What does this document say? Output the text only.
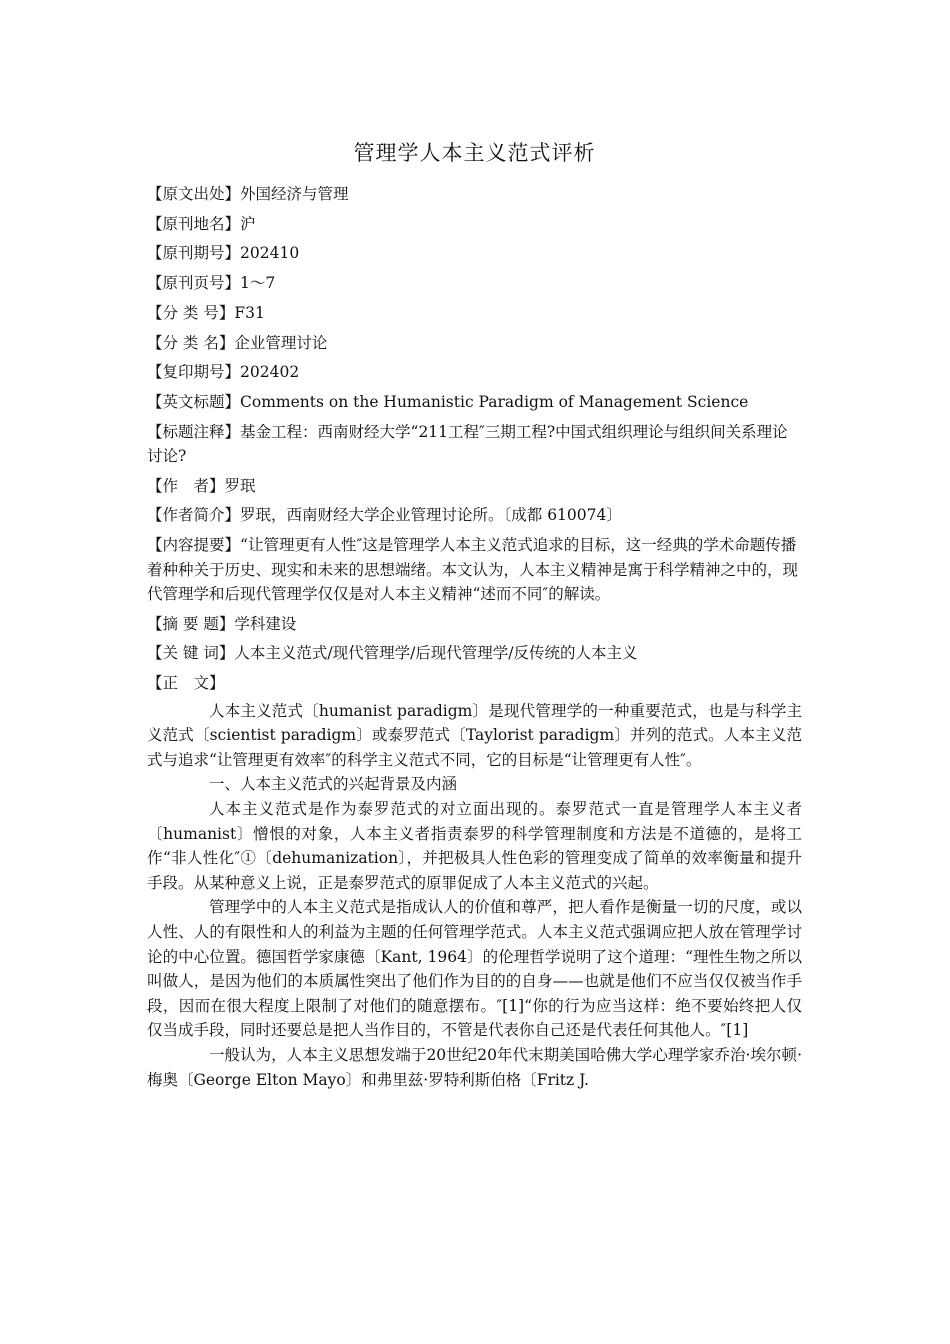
管理学人本主义范式评析
【原文出处】外国经济与管理
【原刊地名】沪
【原刊期号】202410
【原刊页号】1～7
【分 类 号】F31
【分 类 名】企业管理讨论
【复印期号】202402
【英文标题】Comments on the Humanistic Paradigm of Management Science
【标题注释】基金工程：西南财经大学“211工程″三期工程?中国式组织理论与组织间关系理论讨论?
【作　者】罗珉
【作者简介】罗珉，西南财经大学企业管理讨论所。〔成都 610074〕
【内容提要】“让管理更有人性″这是管理学人本主义范式追求的目标，这一经典的学术命题传播着种种关于历史、现实和未来的思想端绪。本文认为，人本主义精神是寓于科学精神之中的，现代管理学和后现代管理学仅仅是对人本主义精神“述而不同″的解读。
【摘 要 题】学科建设
【关 键 词】人本主义范式/现代管理学/后现代管理学/反传统的人本主义
【正　文】

人本主义范式〔humanist paradigm〕是现代管理学的一种重要范式，也是与科学主义范式〔scientist paradigm〕或泰罗范式〔Taylorist paradigm〕并列的范式。人本主义范式与追求“让管理更有效率″的科学主义范式不同，它的目标是“让管理更有人性″。

一、人本主义范式的兴起背景及内涵

人本主义范式是作为泰罗范式的对立面出现的。泰罗范式一直是管理学人本主义者〔humanist〕憎恨的对象，人本主义者指责泰罗的科学管理制度和方法是不道德的，是将工作“非人性化″①〔dehumanization〕，并把极具人性色彩的管理变成了简单的效率衡量和提升手段。从某种意义上说，正是泰罗范式的原罪促成了人本主义范式的兴起。

管理学中的人本主义范式是指成认人的价值和尊严，把人看作是衡量一切的尺度，或以人性、人的有限性和人的利益为主题的任何管理学范式。人本主义范式强调应把人放在管理学讨论的中心位置。德国哲学家康德〔Kant, 1964〕的伦理哲学说明了这个道理：“理性生物之所以叫做人，是因为他们的本质属性突出了他们作为目的的自身——也就是他们不应当仅仅被当作手段，因而在很大程度上限制了对他们的随意摆布。″[1]“你的行为应当这样：绝不要始终把人仅仅当成手段，同时还要总是把人当作目的，不管是代表你自己还是代表任何其他人。″[1]

一般认为，人本主义思想发端于20世纪20年代末期美国哈佛大学心理学家乔治·埃尔顿·梅奥〔George Elton Mayo〕和弗里兹·罗特利斯伯格〔Fritz J.
